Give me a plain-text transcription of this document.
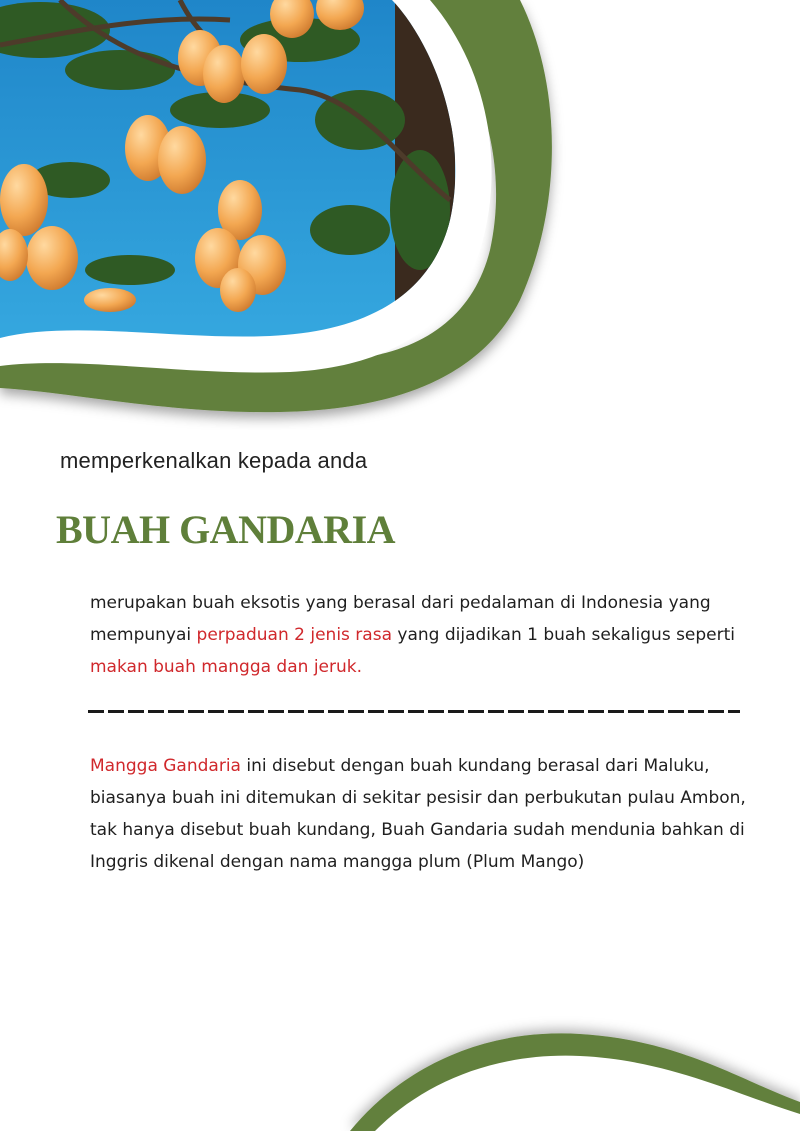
memperkenalkan kepada anda
BUAH GANDARIA
merupakan buah eksotis yang berasal dari pedalaman di Indonesia yang mempunyai perpaduan 2 jenis rasa yang dijadikan 1 buah sekaligus seperti makan buah mangga dan jeruk.
Mangga Gandaria ini disebut dengan buah kundang berasal dari Maluku, biasanya buah ini ditemukan di sekitar pesisir dan perbukutan pulau Ambon, tak hanya disebut buah kundang, Buah Gandaria sudah mendunia bahkan di Inggris dikenal dengan nama mangga plum (Plum Mango)
